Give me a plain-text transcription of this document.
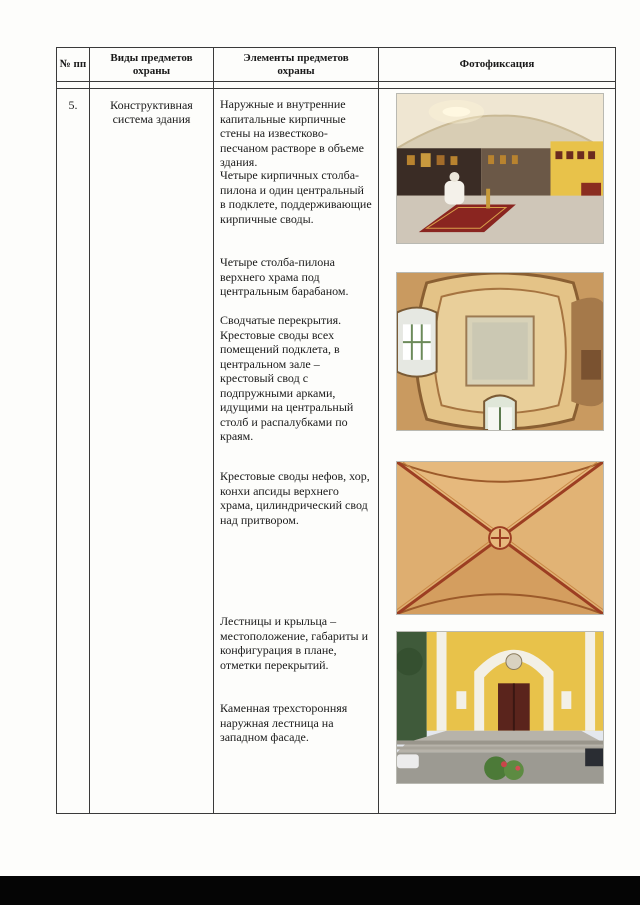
№ пп
Виды предметов охраны
Элементы предметов охраны
Фотофиксация
5.	Конструктивная система здания
Наружные и внутренние капитальные кирпичные стены на известково-песчаном растворе в объеме здания.
Четыре кирпичных столба-пилона и один центральный в подклете, поддерживающие кирпичные своды.
Четыре столба-пилона верхнего храма под центральным барабаном.
Сводчатые перекрытия. Крестовые своды всех помещений подклета, в центральном зале – крестовый свод с подпружными арками, идущими на центральный столб и распалубками по краям.
Крестовые своды нефов, хор, конхи апсиды верхнего храма, цилиндрический свод над притвором.
Лестницы и крыльца – местоположение, габариты и конфигурация в плане, отметки перекрытий.
Каменная трехсторонняя наружная лестница на западном фасаде.
